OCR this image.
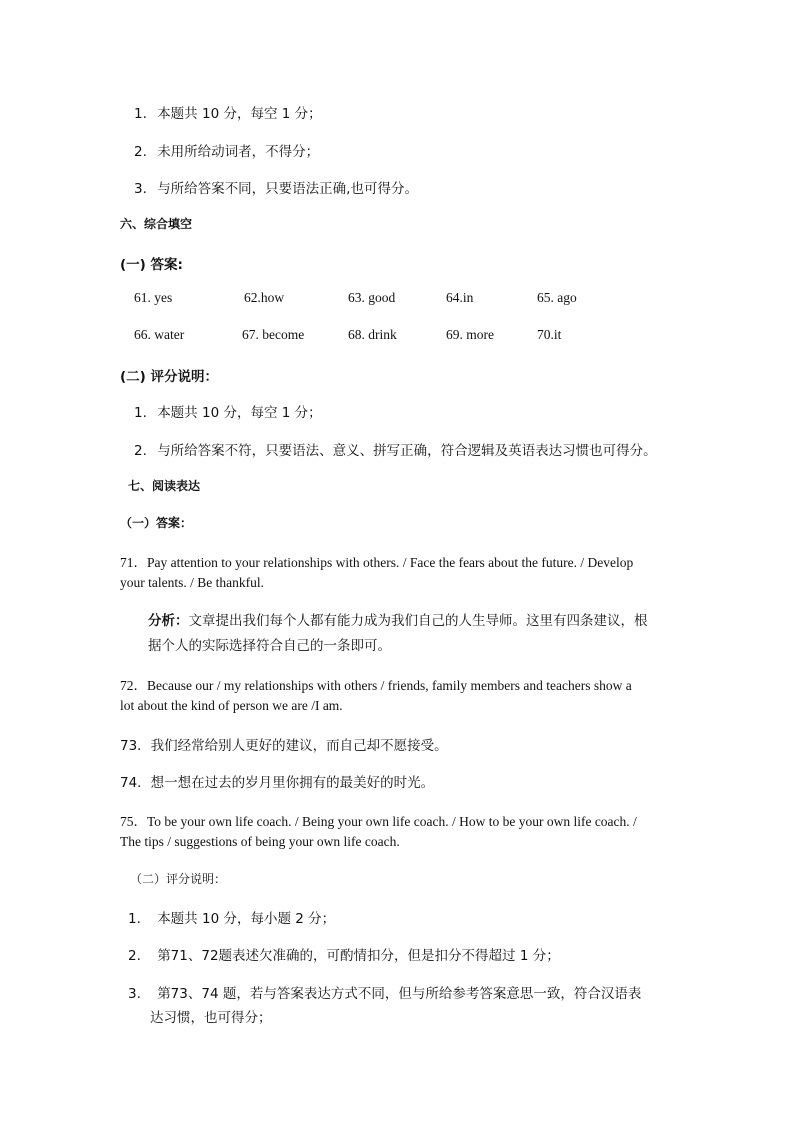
1. 本题共 10 分，每空 1 分；
2. 未用所给动词者，不得分；
3. 与所给答案不同，只要语法正确,也可得分。
六、综合填空
(一) 答案:
61. yes	62.how	63. good	64.in	65. ago
66. water	67. become	68. drink	69. more	70.it
(二) 评分说明：
1. 本题共 10 分，每空 1 分；
2. 与所给答案不符，只要语法、意义、拼写正确，符合逻辑及英语表达习惯也可得分。
七、阅读表达
（一）答案：
71．Pay attention to your relationships with others. / Face the fears about the future. / Develop
your talents. / Be thankful.
分析：文章提出我们每个人都有能力成为我们自己的人生导师。这里有四条建议，根
据个人的实际选择符合自己的一条即可。
72．Because our / my relationships with others / friends, family members and teachers show a
lot about the kind of person we are /I am.
73．我们经常给别人更好的建议，而自己却不愿接受。
74．想一想在过去的岁月里你拥有的最美好的时光。
75．To be your own life coach. / Being your own life coach. / How to be your own life coach. /
The tips / suggestions of being your own life coach.
（二）评分说明：
1. 本题共 10 分，每小题 2 分；
2. 第71、72题表述欠准确的，可酌情扣分，但是扣分不得超过 1 分；
3. 第73、74 题，若与答案表达方式不同，但与所给参考答案意思一致，符合汉语表
达习惯，也可得分；
